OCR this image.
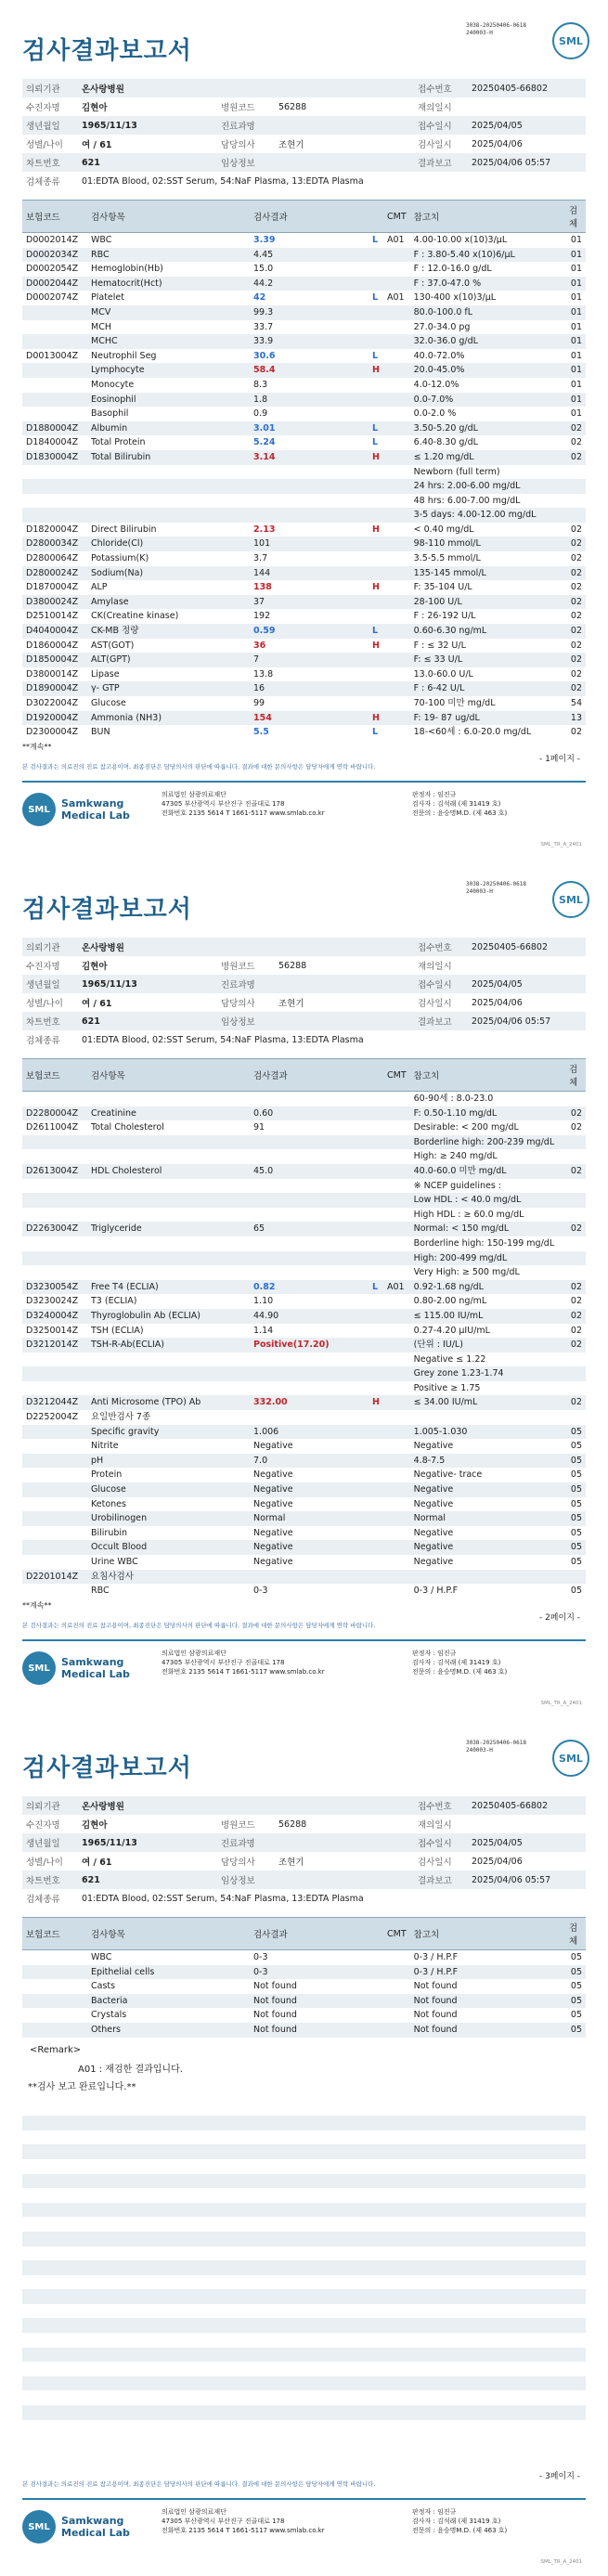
3038-20250406-0618
240003-H
SML
검사결과보고서
의뢰기관	온사랑병원			접수번호	20250405-66802
수진자명	김현아	병원코드	56288	재의일시	
생년월일	1965/11/13	진료과명		접수일시	2025/04/05
성별/나이	여 / 61	담당의사	조현기	검사일시	2025/04/06
차트번호	621	임상정보		결과보고	2025/04/06 05:57
검체종류	01:EDTA Blood, 02:SST Serum, 54:NaF Plasma, 13:EDTA Plasma				
보험코드	검사항목	검사결과		CMT	참고치	검체
D0002014Z	WBC	3.39	L	A01	4.00-10.00 x(10)3/μL	01
D0002034Z	RBC	4.45			F : 3.80-5.40 x(10)6/μL	01
D0002054Z	Hemoglobin(Hb)	15.0			F : 12.0-16.0 g/dL	01
D0002044Z	Hematocrit(Hct)	44.2			F : 37.0-47.0 %	01
D0002074Z	Platelet	42	L	A01	130-400 x(10)3/μL	01
	MCV	99.3			80.0-100.0 fL	01
	MCH	33.7			27.0-34.0 pg	01
	MCHC	33.9			32.0-36.0 g/dL	01
D0013004Z	Neutrophil Seg	30.6	L		40.0-72.0%	01
	Lymphocyte	58.4	H		20.0-45.0%	01
	Monocyte	8.3			4.0-12.0%	01
	Eosinophil	1.8			0.0-7.0%	01
	Basophil	0.9			0.0-2.0 %	01
D1880004Z	Albumin	3.01	L		3.50-5.20 g/dL	02
D1840004Z	Total Protein	5.24	L		6.40-8.30 g/dL	02
D1830004Z	Total Bilirubin	3.14	H		≤ 1.20 mg/dL	02
					Newborn (full term)	
					24 hrs: 2.00-6.00 mg/dL	
					48 hrs: 6.00-7.00 mg/dL	
					3-5 days: 4.00-12.00 mg/dL	
D1820004Z	Direct Bilirubin	2.13	H		< 0.40 mg/dL	02
D2800034Z	Chloride(Cl)	101			98-110 mmol/L	02
D2800064Z	Potassium(K)	3.7			3.5-5.5 mmol/L	02
D2800024Z	Sodium(Na)	144			135-145 mmol/L	02
D1870004Z	ALP	138	H		F: 35-104 U/L	02
D3800024Z	Amylase	37			28-100 U/L	02
D2510014Z	CK(Creatine kinase)	192			F : 26-192 U/L	02
D4040004Z	CK-MB 정량	0.59	L		0.60-6.30 ng/mL	02
D1860004Z	AST(GOT)	36	H		F : ≤ 32 U/L	02
D1850004Z	ALT(GPT)	7			F: ≤ 33 U/L	02
D3800014Z	Lipase	13.8			13.0-60.0 U/L	02
D1890004Z	γ- GTP	16			F : 6-42 U/L	02
D3022004Z	Glucose	99			70-100 미만 mg/dL	54
D1920004Z	Ammonia (NH3)	154	H		F: 19- 87 ug/dL	13
D2300004Z	BUN	5.5	L		18-<60세 : 6.0-20.0 mg/dL	02
**계속**
- 1페이지 -
본 검사결과는 의료진의 진료 참고용이며, 최종진단은 담당의사의 판단에 따릅니다. 결과에 대한 문의사항은 담당자에게 연락 바랍니다.
SML	Samkwang
Medical Lab
의료법인 삼광의료재단
47305 부산광역시 부산진구 진골대로 178
전화번호 2135 5614 T 1661-5117 www.smlab.co.kr
판정자 : 임진규
검사자 : 김석래 (제 31419 호)
전문의 : 윤승명M.D. (제 463 호)
SML_TR_A_2401
3038-20250406-0618
240003-H
SML
검사결과보고서
의뢰기관	온사랑병원			접수번호	20250405-66802
수진자명	김현아	병원코드	56288	재의일시	
생년월일	1965/11/13	진료과명		접수일시	2025/04/05
성별/나이	여 / 61	담당의사	조현기	검사일시	2025/04/06
차트번호	621	임상정보		결과보고	2025/04/06 05:57
검체종류	01:EDTA Blood, 02:SST Serum, 54:NaF Plasma, 13:EDTA Plasma				
보험코드	검사항목	검사결과		CMT	참고치	검체
					60-90세 : 8.0-23.0	
D2280004Z	Creatinine	0.60			F: 0.50-1.10 mg/dL	02
D2611004Z	Total Cholesterol	91			Desirable: < 200 mg/dL	02
					Borderline high: 200-239 mg/dL	
					High: ≥ 240 mg/dL	
D2613004Z	HDL Cholesterol	45.0			40.0-60.0 미만 mg/dL	02
					※ NCEP guidelines :	
					Low HDL : < 40.0 mg/dL	
					High HDL : ≥ 60.0 mg/dL	
D2263004Z	Triglyceride	65			Normal: < 150 mg/dL	02
					Borderline high: 150-199 mg/dL	
					High: 200-499 mg/dL	
					Very High: ≥ 500 mg/dL	
D3230054Z	Free T4 (ECLIA)	0.82	L	A01	0.92-1.68 ng/dL	02
D3230024Z	T3 (ECLIA)	1.10			0.80-2.00 ng/mL	02
D3240004Z	Thyroglobulin Ab (ECLIA)	44.90			≤ 115.00 IU/mL	02
D3250014Z	TSH (ECLIA)	1.14			0.27-4.20 μIU/mL	02
D3212014Z	TSH-R-Ab(ECLIA)	Positive(17.20)			(단위 : IU/L)	02
					Negative ≤ 1.22	
					Grey zone 1.23-1.74	
					Positive ≥ 1.75	
D3212044Z	Anti Microsome (TPO) Ab	332.00	H		≤ 34.00 IU/mL	02
D2252004Z	요일반검사 7종					
	Specific gravity	1.006			1.005-1.030	05
	Nitrite	Negative			Negative	05
	pH	7.0			4.8-7.5	05
	Protein	Negative			Negative- trace	05
	Glucose	Negative			Negative	05
	Ketones	Negative			Negative	05
	Urobilinogen	Normal			Normal	05
	Bilirubin	Negative			Negative	05
	Occult Blood	Negative			Negative	05
	Urine WBC	Negative			Negative	05
D2201014Z	요침사검사					
	RBC	0-3			0-3 / H.P.F	05
**계속**
- 2페이지 -
본 검사결과는 의료진의 진료 참고용이며, 최종진단은 담당의사의 판단에 따릅니다. 결과에 대한 문의사항은 담당자에게 연락 바랍니다.
SML	Samkwang
Medical Lab
의료법인 삼광의료재단
47305 부산광역시 부산진구 진골대로 178
전화번호 2135 5614 T 1661-5117 www.smlab.co.kr
판정자 : 임진규
검사자 : 김석래 (제 31419 호)
전문의 : 윤승명M.D. (제 463 호)
SML_TR_A_2401
3038-20250406-0618
240003-H
SML
검사결과보고서
의뢰기관	온사랑병원			접수번호	20250405-66802
수진자명	김현아	병원코드	56288	재의일시	
생년월일	1965/11/13	진료과명		접수일시	2025/04/05
성별/나이	여 / 61	담당의사	조현기	검사일시	2025/04/06
차트번호	621	임상정보		결과보고	2025/04/06 05:57
검체종류	01:EDTA Blood, 02:SST Serum, 54:NaF Plasma, 13:EDTA Plasma				
보험코드	검사항목	검사결과		CMT	참고치	검체
	WBC	0-3			0-3 / H.P.F	05
	Epithelial cells	0-3			0-3 / H.P.F	05
	Casts	Not found			Not found	05
	Bacteria	Not found			Not found	05
	Crystals	Not found			Not found	05
	Others	Not found			Not found	05
<Remark>
A01 : 재검한 결과입니다.
**검사 보고 완료입니다.**

- 3페이지 -
본 검사결과는 의료진의 진료 참고용이며, 최종진단은 담당의사의 판단에 따릅니다. 결과에 대한 문의사항은 담당자에게 연락 바랍니다.
SML	Samkwang
Medical Lab
의료법인 삼광의료재단
47305 부산광역시 부산진구 진골대로 178
전화번호 2135 5614 T 1661-5117 www.smlab.co.kr
판정자 : 임진규
검사자 : 김석래 (제 31419 호)
전문의 : 윤승명M.D. (제 463 호)
SML_TR_A_2401
